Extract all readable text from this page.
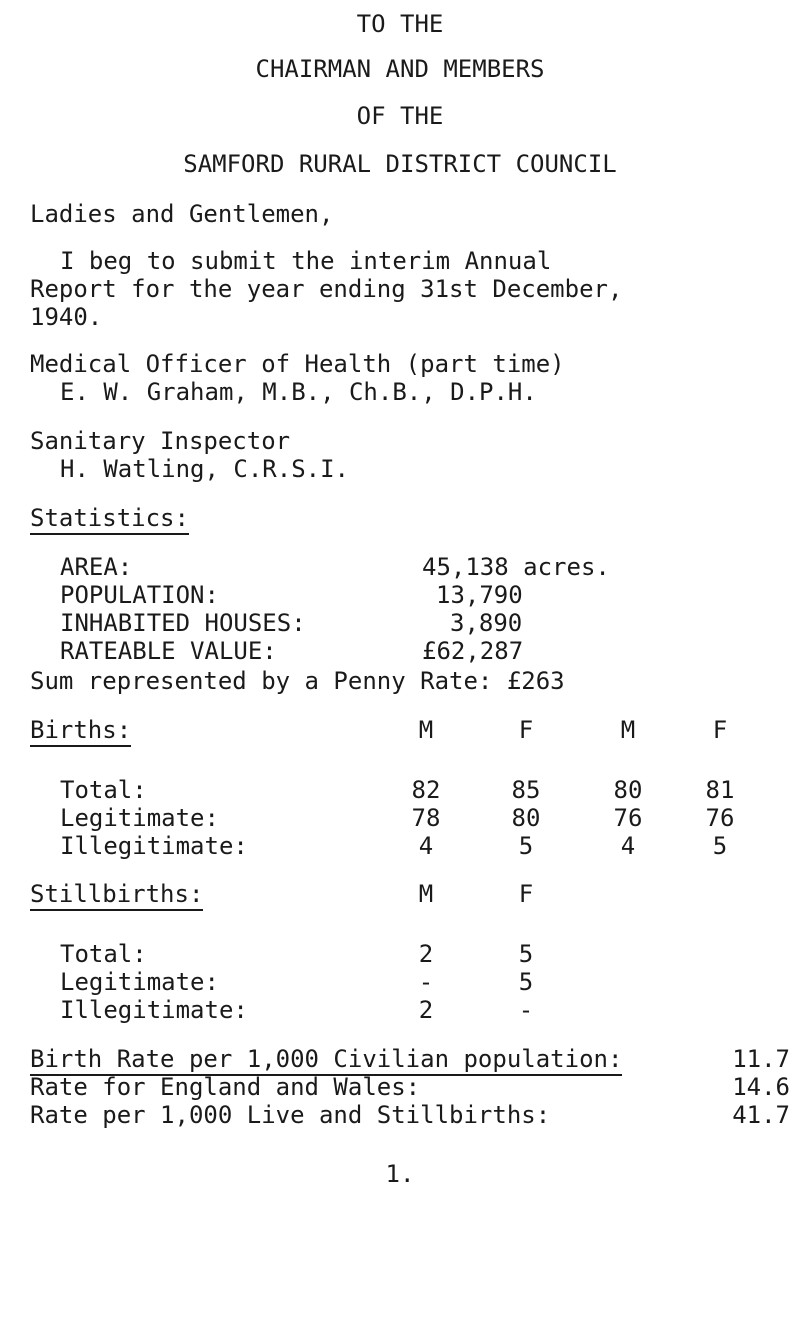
TO THE
CHAIRMAN AND MEMBERS
OF THE
SAMFORD RURAL DISTRICT COUNCIL
Ladies and Gentlemen,
I beg to submit the interim Annual
Report for the year ending 31st December,
1940.
Medical Officer of Health (part time)
E. W. Graham, M.B., Ch.B., D.P.H.
Sanitary Inspector
H. Watling, C.R.S.I.
Statistics:
AREA:	45,138 acres.
POPULATION:	13,790
INHABITED HOUSES:	3,890
RATEABLE VALUE:	£62,287
Sum represented by a Penny Rate: £263
Births:	M	F	M	F
Total:	82	85	80	81
Legitimate:	78	80	76	76
Illegitimate:	4	5	4	5
Stillbirths:	M	F
Total:	2	5
Legitimate:	-	5
Illegitimate:	2	-
Birth Rate per 1,000 Civilian population:	11.7
Rate for England and Wales:	14.6
Rate per 1,000 Live and Stillbirths:	41.7
1.
